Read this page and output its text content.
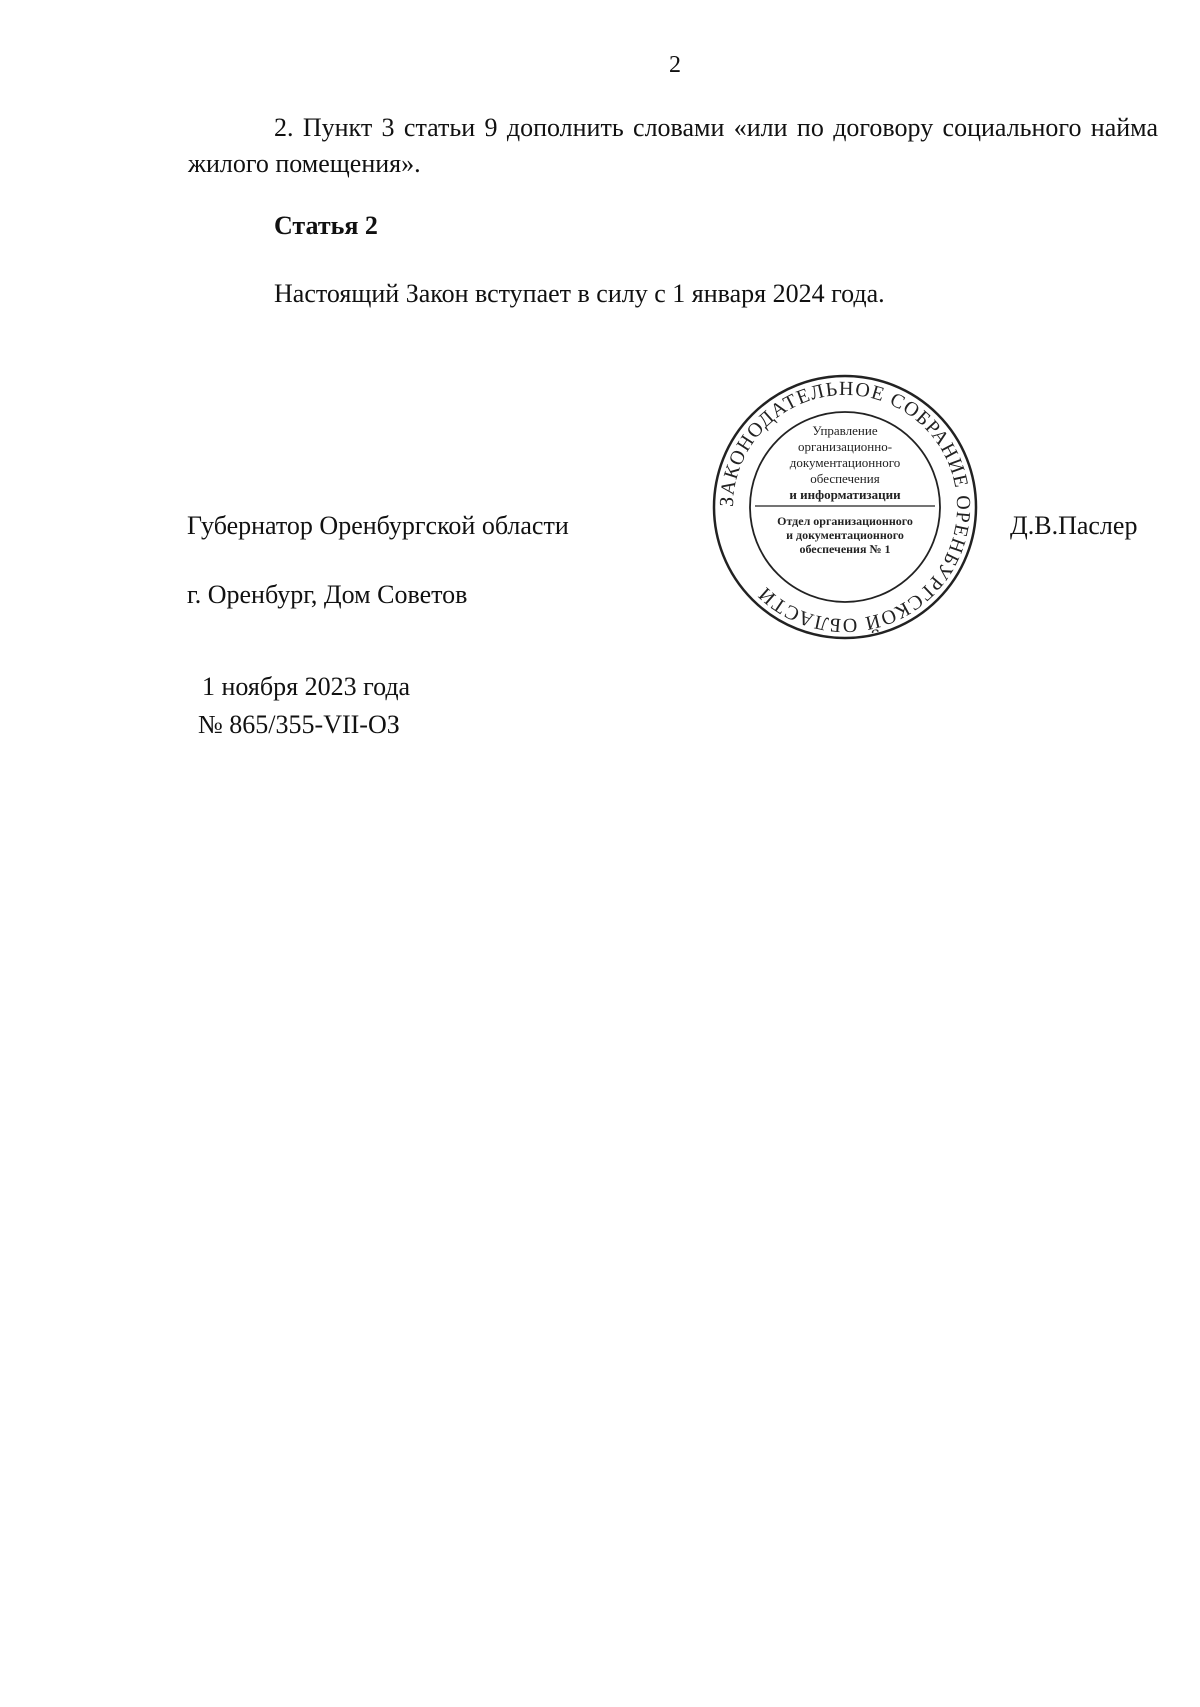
2

2. Пункт 3 статьи 9 дополнить словами «или по договору социального найма жилого помещения».

Статья 2

Настоящий Закон вступает в силу с 1 января 2024 года.

Губернатор Оренбургской области	Д.В.Паслер
ЗАКОНОДАТЕЛЬНОЕ СОБРАНИЕ ОРЕНБУРГСКОЙ ОБЛАСТИ
Управление
организационно-
документационного
обеспечения
и информатизации
Отдел организационного
и документационного
обеспечения № 1
г. Оренбург, Дом Советов
1 ноября 2023 года
№ 865/355-VII-ОЗ
